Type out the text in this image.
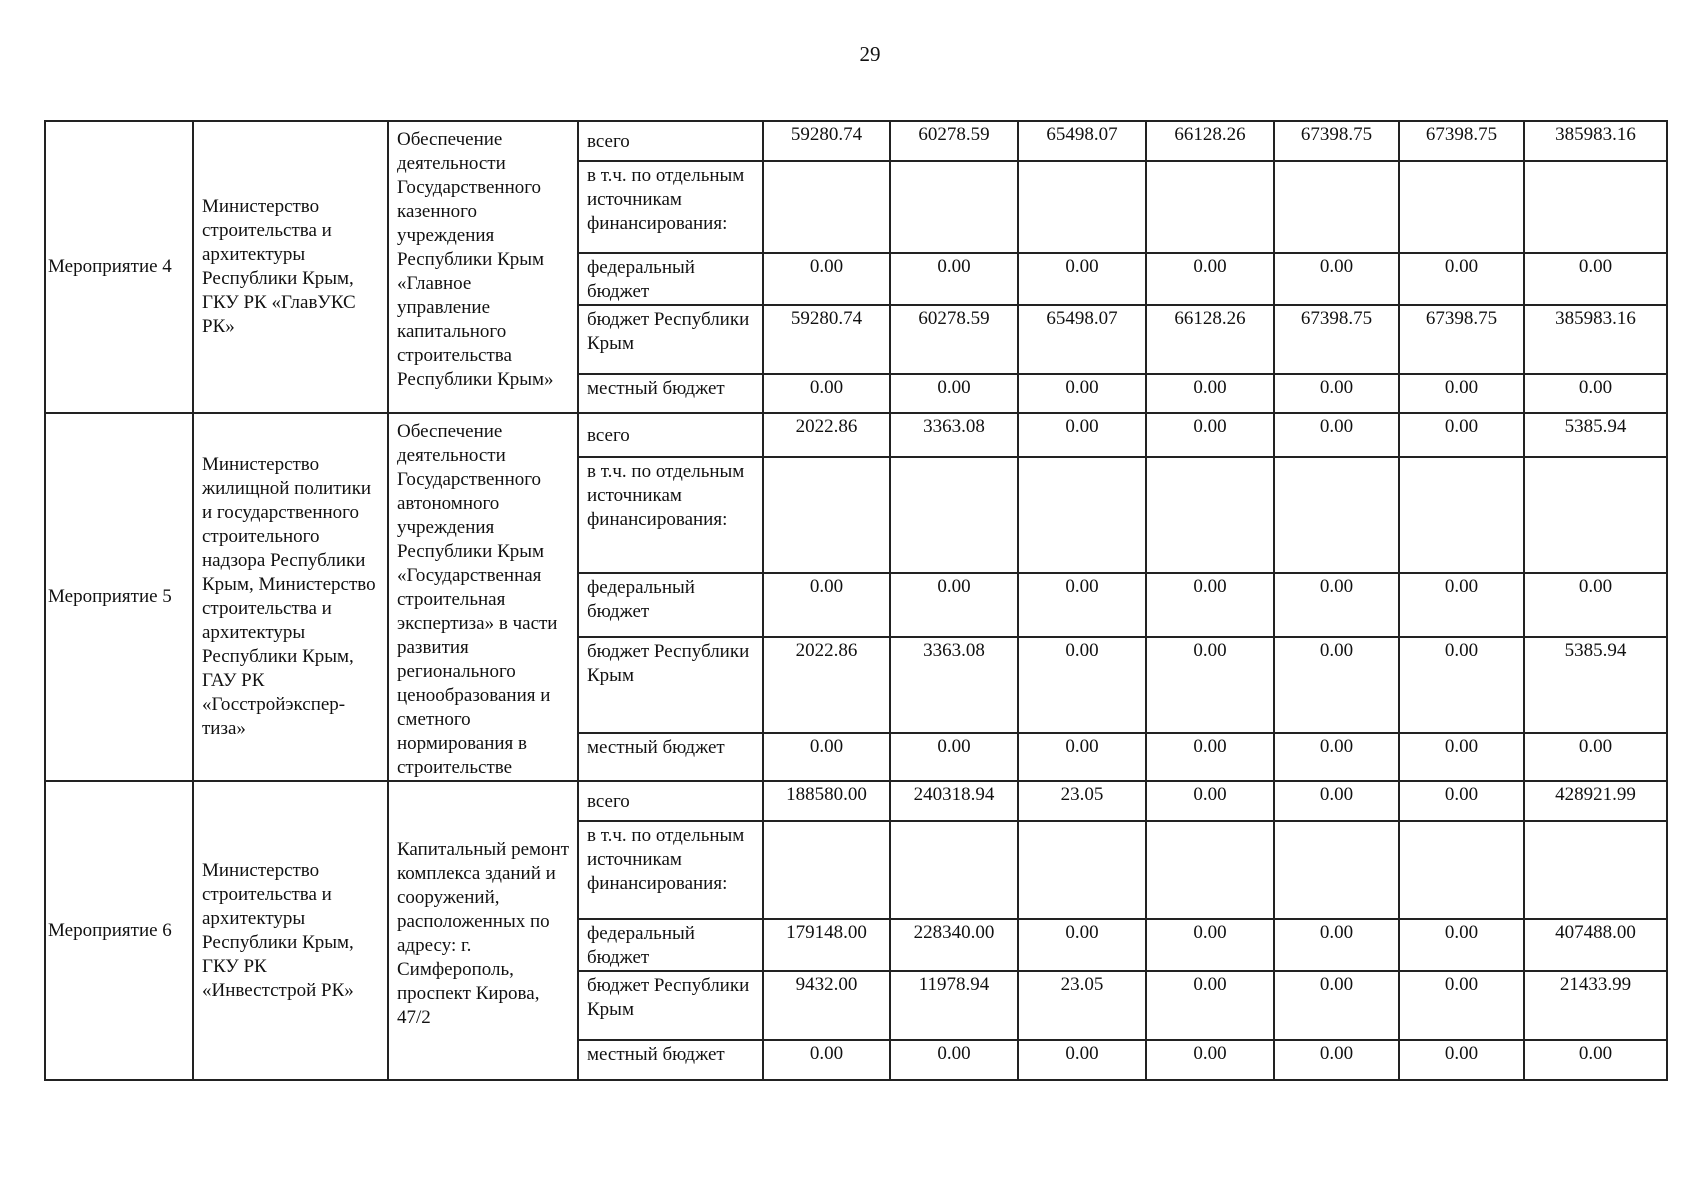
29
Мероприятие 4	Министерство строительства и архитектуры Республики Крым, ГКУ РК «ГлавУКС РК»	Обеспечение деятельности Государственного казенного учреждения Республики Крым «Главное управление капитального строительства Республики Крым»	всего	59280.74	60278.59	65498.07	66128.26	67398.75	67398.75	385983.16
			в т.ч. по отдельным источникам финансирования:							
			федеральный бюджет	0.00	0.00	0.00	0.00	0.00	0.00	0.00
			бюджет Республики Крым	59280.74	60278.59	65498.07	66128.26	67398.75	67398.75	385983.16
			местный бюджет	0.00	0.00	0.00	0.00	0.00	0.00	0.00
Мероприятие 5	Министерство жилищной политики и государственного строительного надзора Республики Крым, Министерство строительства и архитектуры Республики Крым, ГАУ РК «Госстройэкспер-тиза»	Обеспечение деятельности Государственного автономного учреждения Республики Крым «Государственная строительная экспертиза» в части развития регионального ценообразования и сметного нормирования в строительстве	всего	2022.86	3363.08	0.00	0.00	0.00	0.00	5385.94
			в т.ч. по отдельным источникам финансирования:							
			федеральный бюджет	0.00	0.00	0.00	0.00	0.00	0.00	0.00
			бюджет Республики Крым	2022.86	3363.08	0.00	0.00	0.00	0.00	5385.94
			местный бюджет	0.00	0.00	0.00	0.00	0.00	0.00	0.00
Мероприятие 6	Министерство строительства и архитектуры Республики Крым, ГКУ РК «Инвестстрой РК»	Капитальный ремонт комплекса зданий и сооружений, расположенных по адресу: г. Симферополь, проспект Кирова, 47/2	всего	188580.00	240318.94	23.05	0.00	0.00	0.00	428921.99
			в т.ч. по отдельным источникам финансирования:							
			федеральный бюджет	179148.00	228340.00	0.00	0.00	0.00	0.00	407488.00
			бюджет Республики Крым	9432.00	11978.94	23.05	0.00	0.00	0.00	21433.99
			местный бюджет	0.00	0.00	0.00	0.00	0.00	0.00	0.00
